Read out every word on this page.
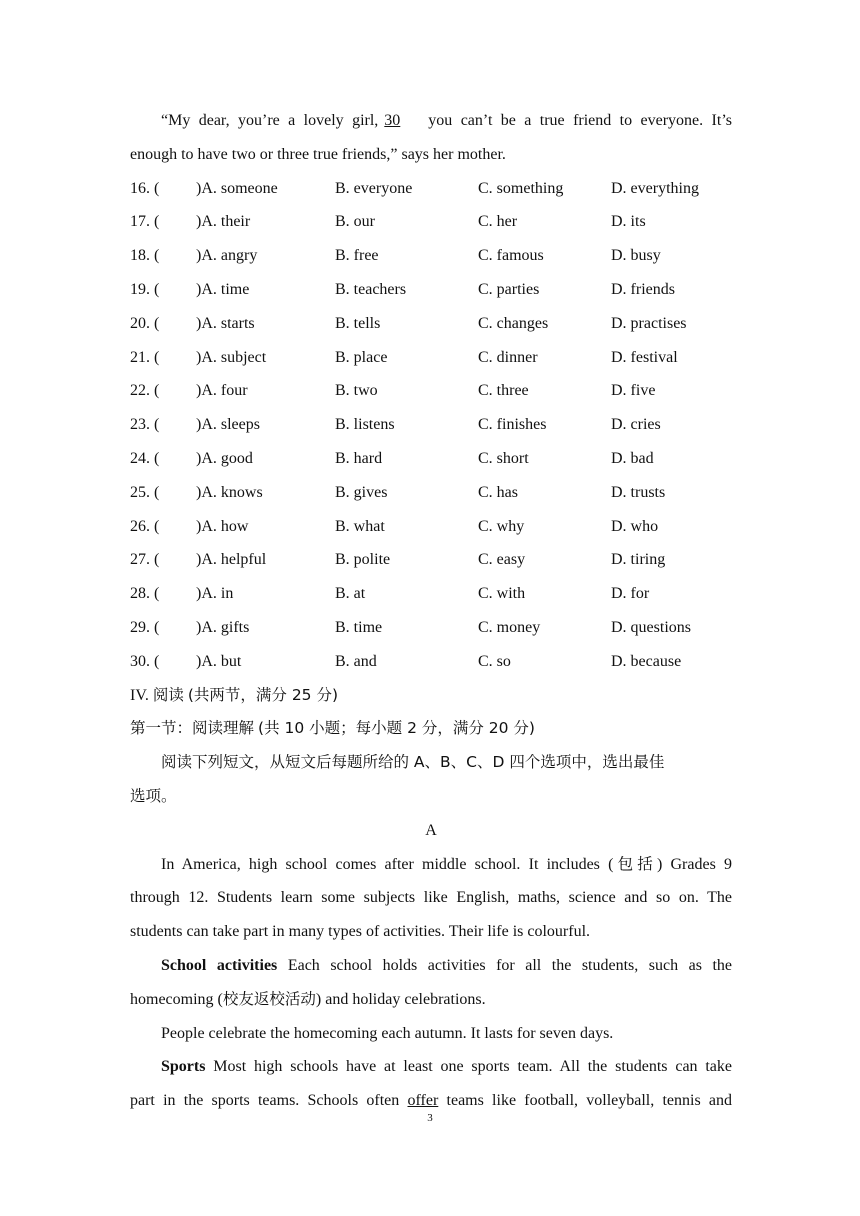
“My dear, you’re a lovely girl, 30 you can’t be a true friend to everyone. It’s
enough to have two or three true friends,” says her mother.
16. ( )A. someone	B. everyone	C. something	D. everything
17. ( )A. their	B. our	C. her	D. its
18. ( )A. angry	B. free	C. famous	D. busy
19. ( )A. time	B. teachers	C. parties	D. friends
20. ( )A. starts	B. tells	C. changes	D. practises
21. ( )A. subject	B. place	C. dinner	D. festival
22. ( )A. four	B. two	C. three	D. five
23. ( )A. sleeps	B. listens	C. finishes	D. cries
24. ( )A. good	B. hard	C. short	D. bad
25. ( )A. knows	B. gives	C. has	D. trusts
26. ( )A. how	B. what	C. why	D. who
27. ( )A. helpful	B. polite	C. easy	D. tiring
28. ( )A. in	B. at	C. with	D. for
29. ( )A. gifts	B. time	C. money	D. questions
30. ( )A. but	B. and	C. so	D. because
IV. 阅读 (共两节，满分 25 分)
第一节：阅读理解 (共 10 小题；每小题 2 分，满分 20 分)
阅读下列短文，从短文后每题所给的 A、B、C、D 四个选项中，选出最佳
选项。
A
In America, high school comes after middle school. It includes (包括) Grades 9
through 12. Students learn some subjects like English, maths, science and so on. The
students can take part in many types of activities. Their life is colourful.
School activities Each school holds activities for all the students, such as the
homecoming (校友返校活动) and holiday celebrations.
People celebrate the homecoming each autumn. It lasts for seven days.
Sports Most high schools have at least one sports team. All the students can take
part in the sports teams. Schools often offer teams like football, volleyball, tennis and
3
